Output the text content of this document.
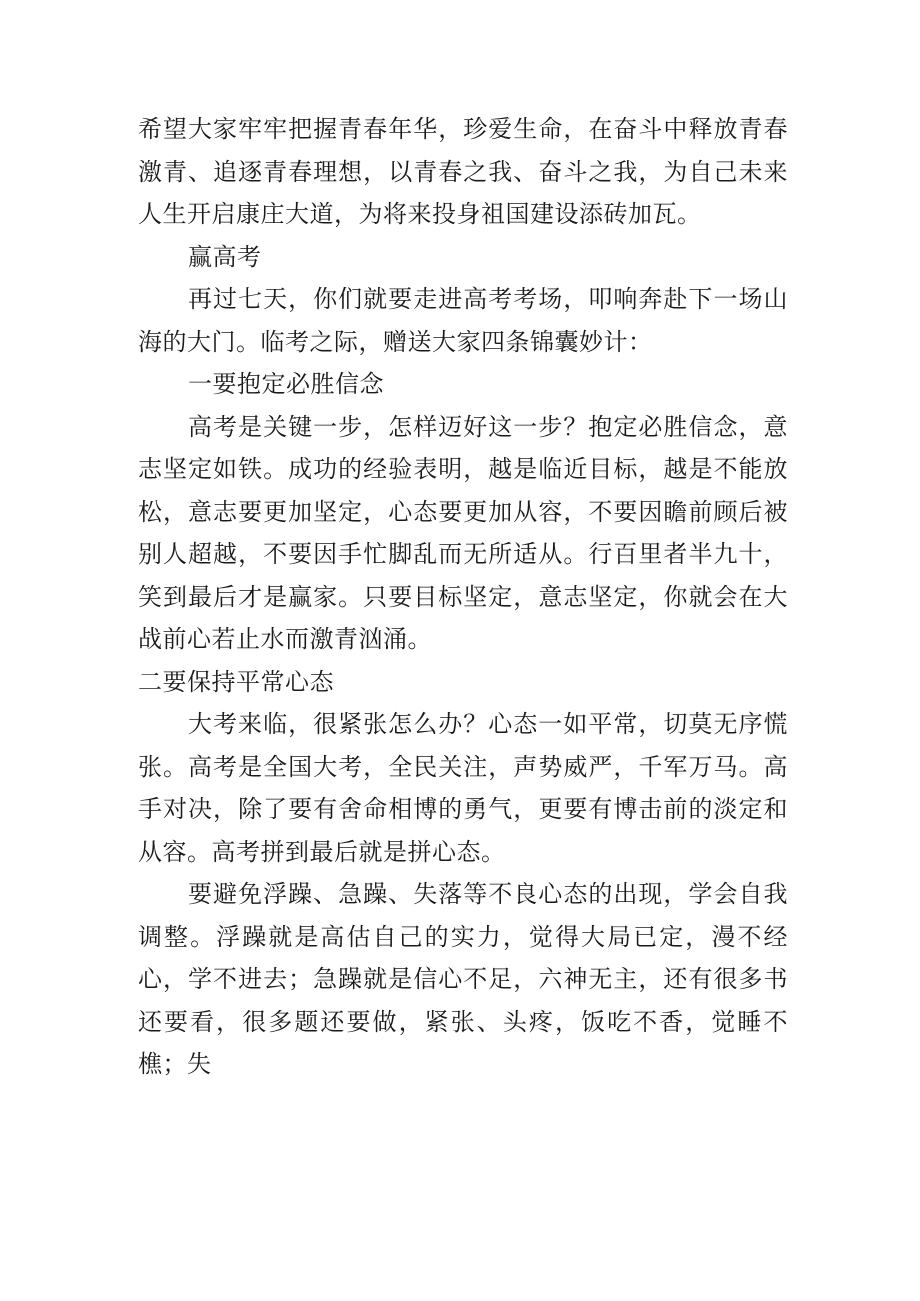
希望大家牢牢把握青春年华，珍爱生命，在奋斗中释放青春激青、追逐青春理想，以青春之我、奋斗之我，为自己未来人生开启康庄大道，为将来投身祖国建设添砖加瓦。

赢高考

再过七天，你们就要走进高考考场，叩响奔赴下一场山海的大门。临考之际，赠送大家四条锦囊妙计：

一要抱定必胜信念

高考是关键一步，怎样迈好这一步？抱定必胜信念，意志坚定如铁。成功的经验表明，越是临近目标，越是不能放松，意志要更加坚定，心态要更加从容，不要因瞻前顾后被别人超越，不要因手忙脚乱而无所适从。行百里者半九十，笑到最后才是赢家。只要目标坚定，意志坚定，你就会在大战前心若止水而激青汹涌。

二要保持平常心态

大考来临，很紧张怎么办？心态一如平常，切莫无序慌张。高考是全国大考，全民关注，声势威严，千军万马。高手对决，除了要有舍命相博的勇气，更要有博击前的淡定和从容。高考拼到最后就是拼心态。

要避免浮躁、急躁、失落等不良心态的出现，学会自我调整。浮躁就是高估自己的实力，觉得大局已定，漫不经心，学不进去；急躁就是信心不足，六神无主，还有很多书还要看，很多题还要做，紧张、头疼，饭吃不香，觉睡不樵；失
